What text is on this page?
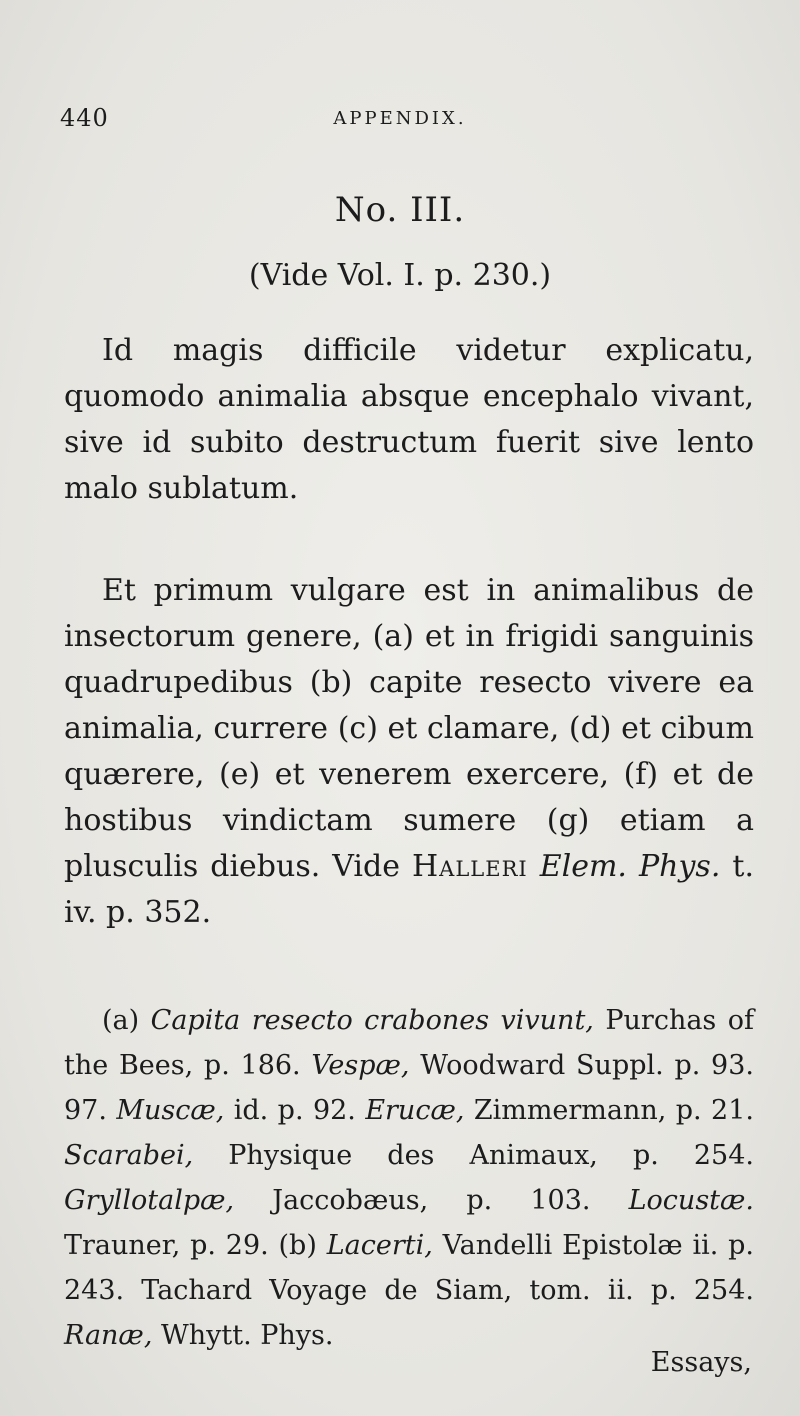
440	APPENDIX.
No. III.
(Vide Vol. I. p. 230.)
Id magis difficile videtur explicatu, quomodo animalia absque encephalo vivant, sive id subito destructum fuerit sive lento malo sublatum.
Et primum vulgare est in animalibus de insectorum genere, (a) et in frigidi sanguinis quadrupedibus (b) capite resecto vivere ea animalia, currere (c) et clamare, (d) et cibum quærere, (e) et venerem exercere, (f) et de hostibus vindictam sumere (g) etiam a plusculis diebus. Vide Halleri Elem. Phys. t. iv. p. 352.
(a) Capita resecto crabones vivunt, Purchas of the Bees, p. 186. Vespæ, Woodward Suppl. p. 93. 97. Muscæ, id. p. 92. Erucæ, Zimmermann, p. 21. Scarabei, Physique des Animaux, p. 254. Gryllotalpæ, Jaccobæus, p. 103. Locustæ. Trauner, p. 29. (b) Lacerti, Vandelli Epistolæ ii. p. 243. Tachard Voyage de Siam, tom. ii. p. 254. Ranæ, Whytt. Phys.
Essays,
